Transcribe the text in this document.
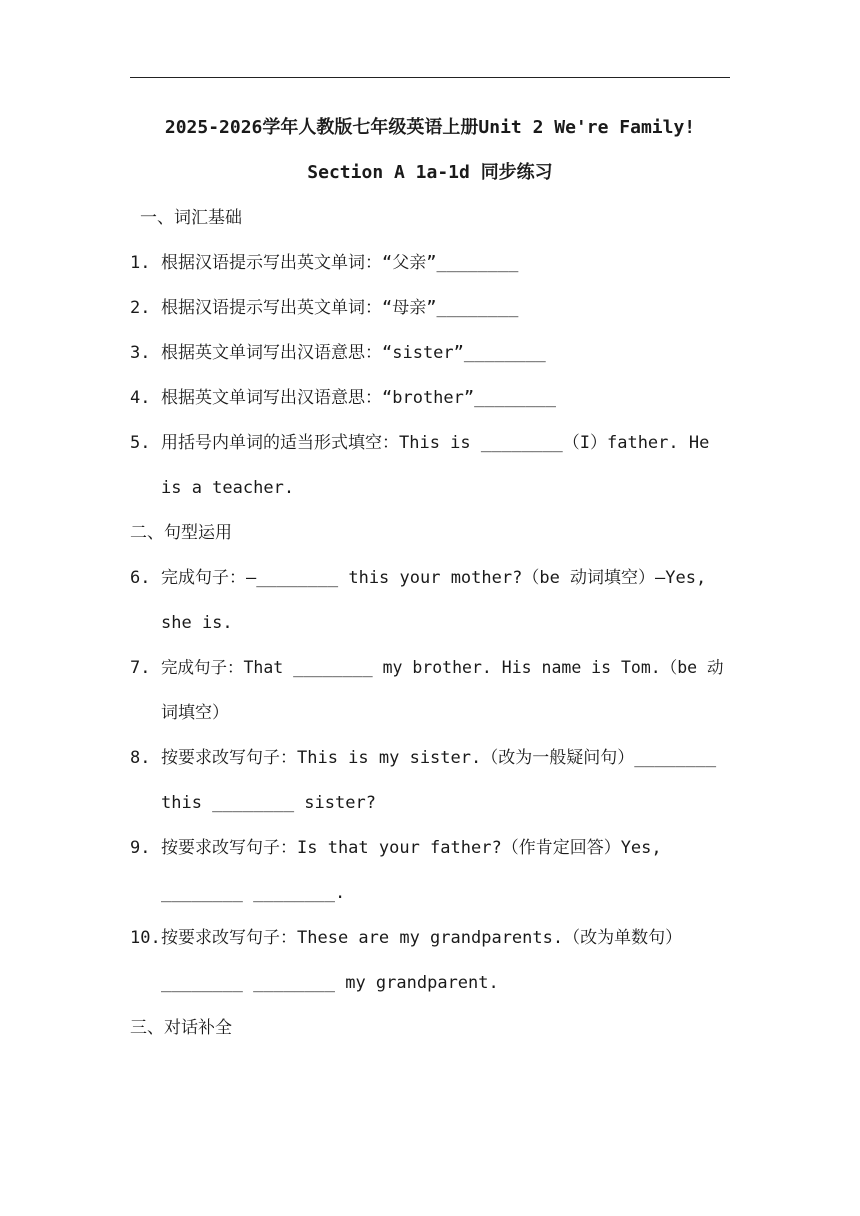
2025-2026学年人教版七年级英语上册Unit 2 We're Family!
Section A 1a-1d 同步练习
一、词汇基础
1. 根据汉语提示写出英文单词：“父亲”________
2. 根据汉语提示写出英文单词：“母亲”________
3. 根据英文单词写出汉语意思：“sister”________
4. 根据英文单词写出汉语意思：“brother”________
5. 用括号内单词的适当形式填空：This is ________（I）father. He
is a teacher.
二、句型运用
6. 完成句子：—________ this your mother?（be 动词填空）—Yes,
she is.
7. 完成句子：That ________ my brother. His name is Tom.（be 动
词填空）
8. 按要求改写句子：This is my sister.（改为一般疑问句）________
this ________ sister?
9. 按要求改写句子：Is that your father?（作肯定回答）Yes,
________ ________.
10. 按要求改写句子：These are my grandparents.（改为单数句）
________ ________ my grandparent.
三、对话补全
